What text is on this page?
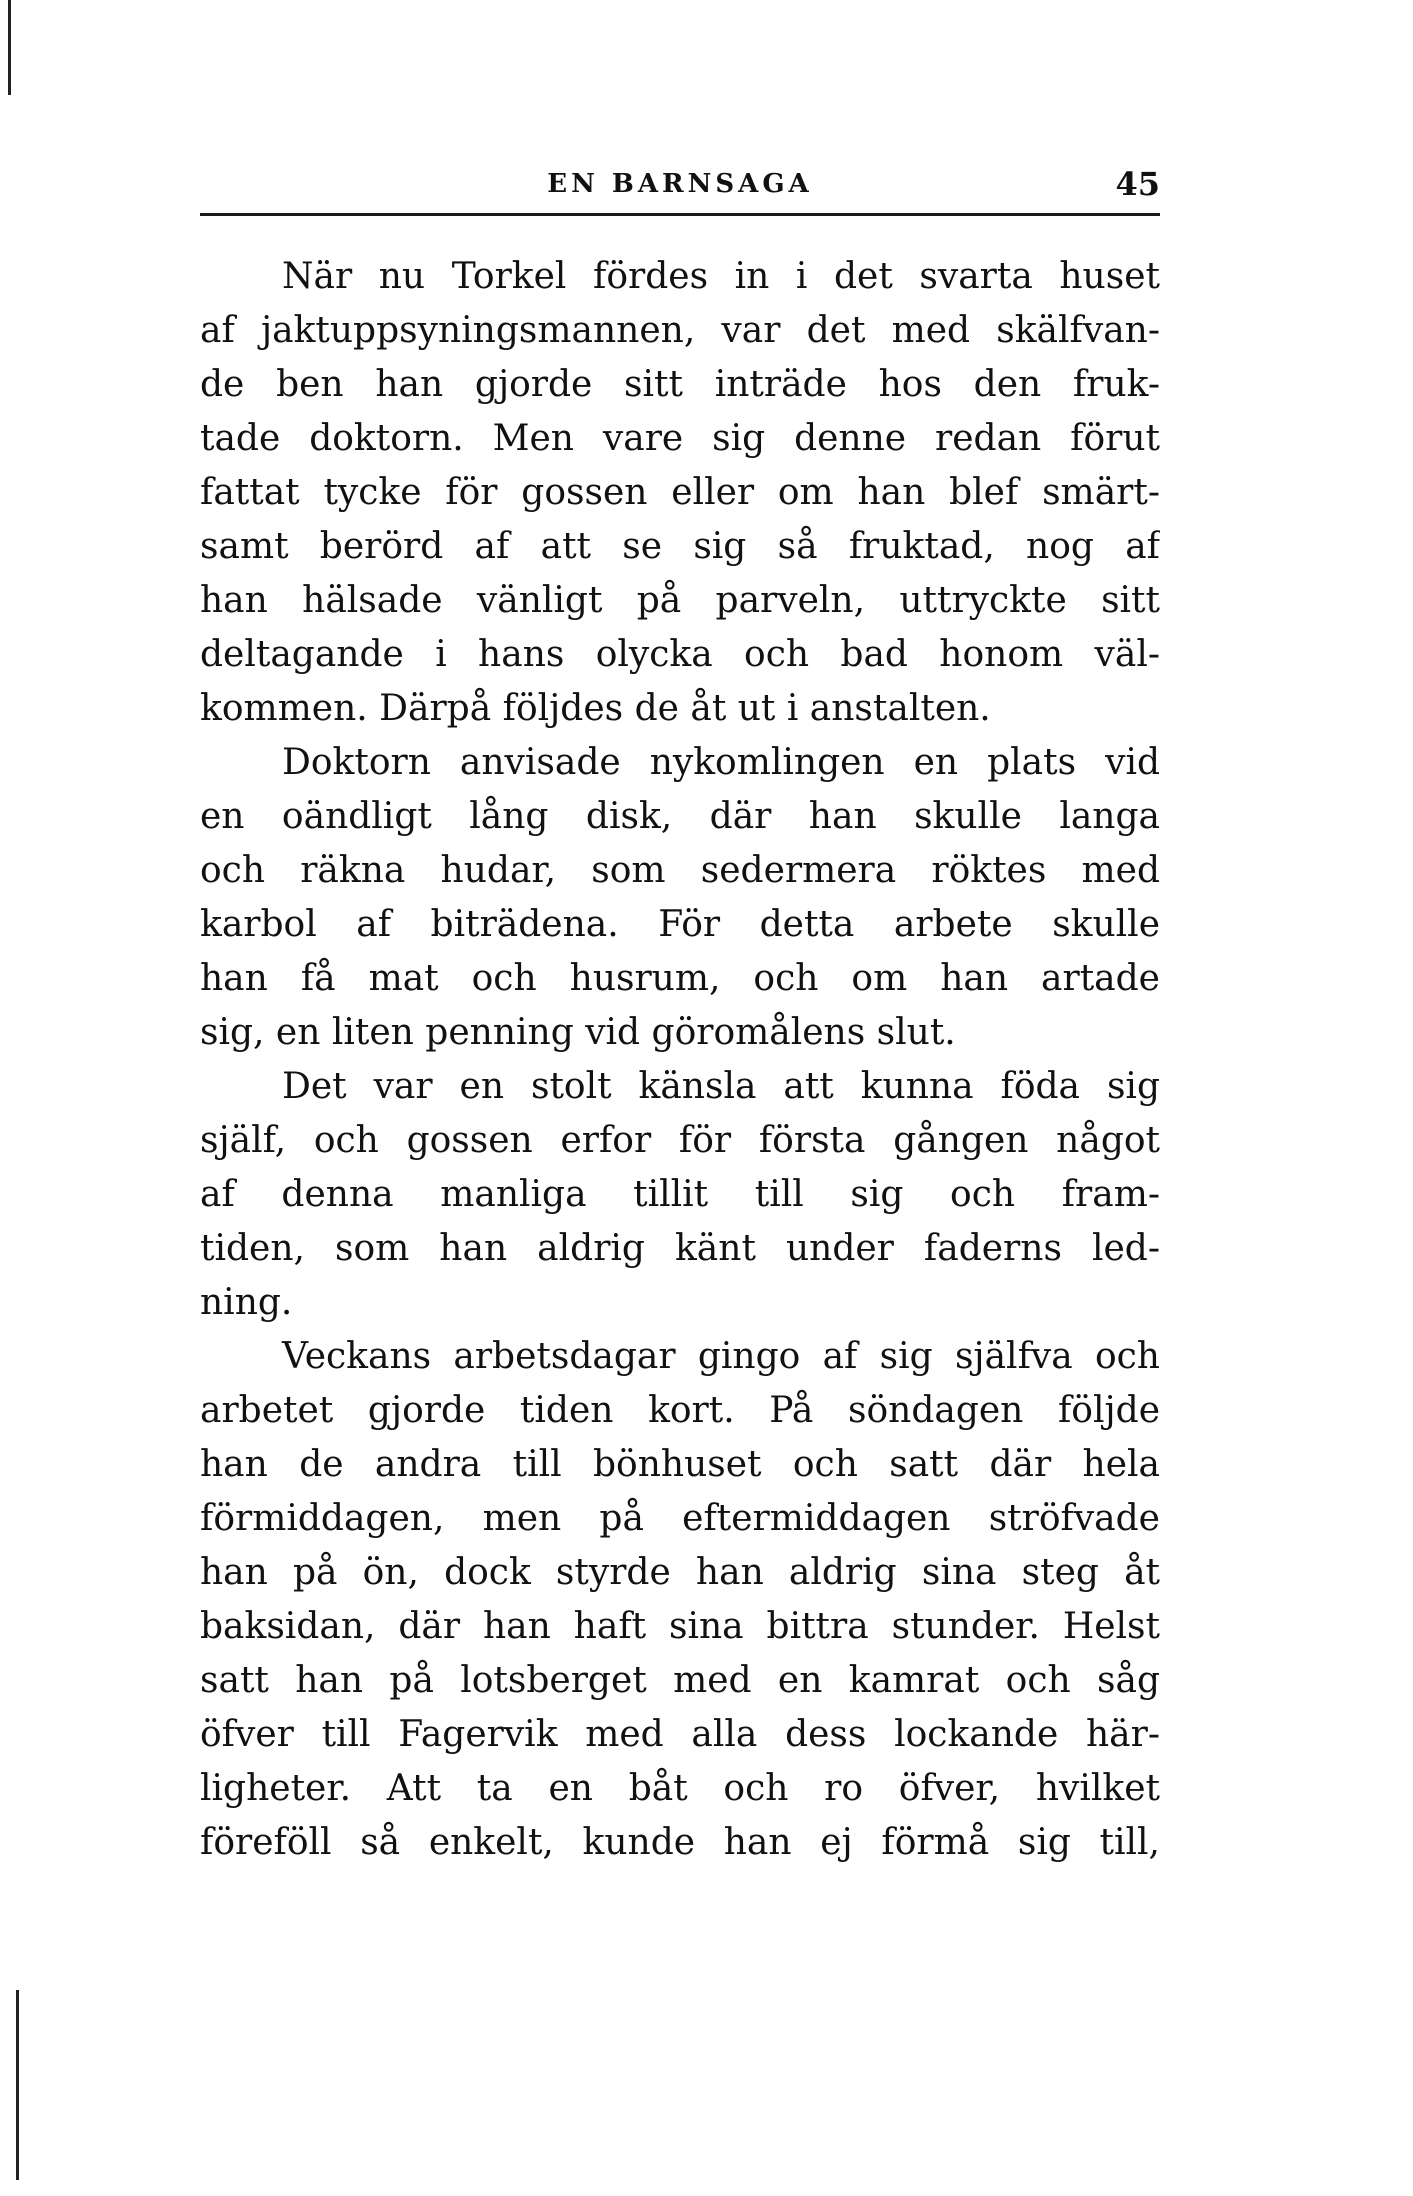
EN BARNSAGA	45
När nu Torkel fördes in i det svarta huset
af jaktuppsyningsmannen, var det med skälfvan-
de ben han gjorde sitt inträde hos den fruk-
tade doktorn. Men vare sig denne redan förut
fattat tycke för gossen eller om han blef smärt-
samt berörd af att se sig så fruktad, nog af
han hälsade vänligt på parveln, uttryckte sitt
deltagande i hans olycka och bad honom väl-
kommen. Därpå följdes de åt ut i anstalten.
Doktorn anvisade nykomlingen en plats vid
en oändligt lång disk, där han skulle langa
och räkna hudar, som sedermera röktes med
karbol af biträdena. För detta arbete skulle
han få mat och husrum, och om han artade
sig, en liten penning vid göromålens slut.
Det var en stolt känsla att kunna föda sig
själf, och gossen erfor för första gången något
af denna manliga tillit till sig och fram-
tiden, som han aldrig känt under faderns led-
ning.
Veckans arbetsdagar gingo af sig själfva och
arbetet gjorde tiden kort. På söndagen följde
han de andra till bönhuset och satt där hela
förmiddagen, men på eftermiddagen ströfvade
han på ön, dock styrde han aldrig sina steg åt
baksidan, där han haft sina bittra stunder. Helst
satt han på lotsberget med en kamrat och såg
öfver till Fagervik med alla dess lockande här-
ligheter. Att ta en båt och ro öfver, hvilket
föreföll så enkelt, kunde han ej förmå sig till,
